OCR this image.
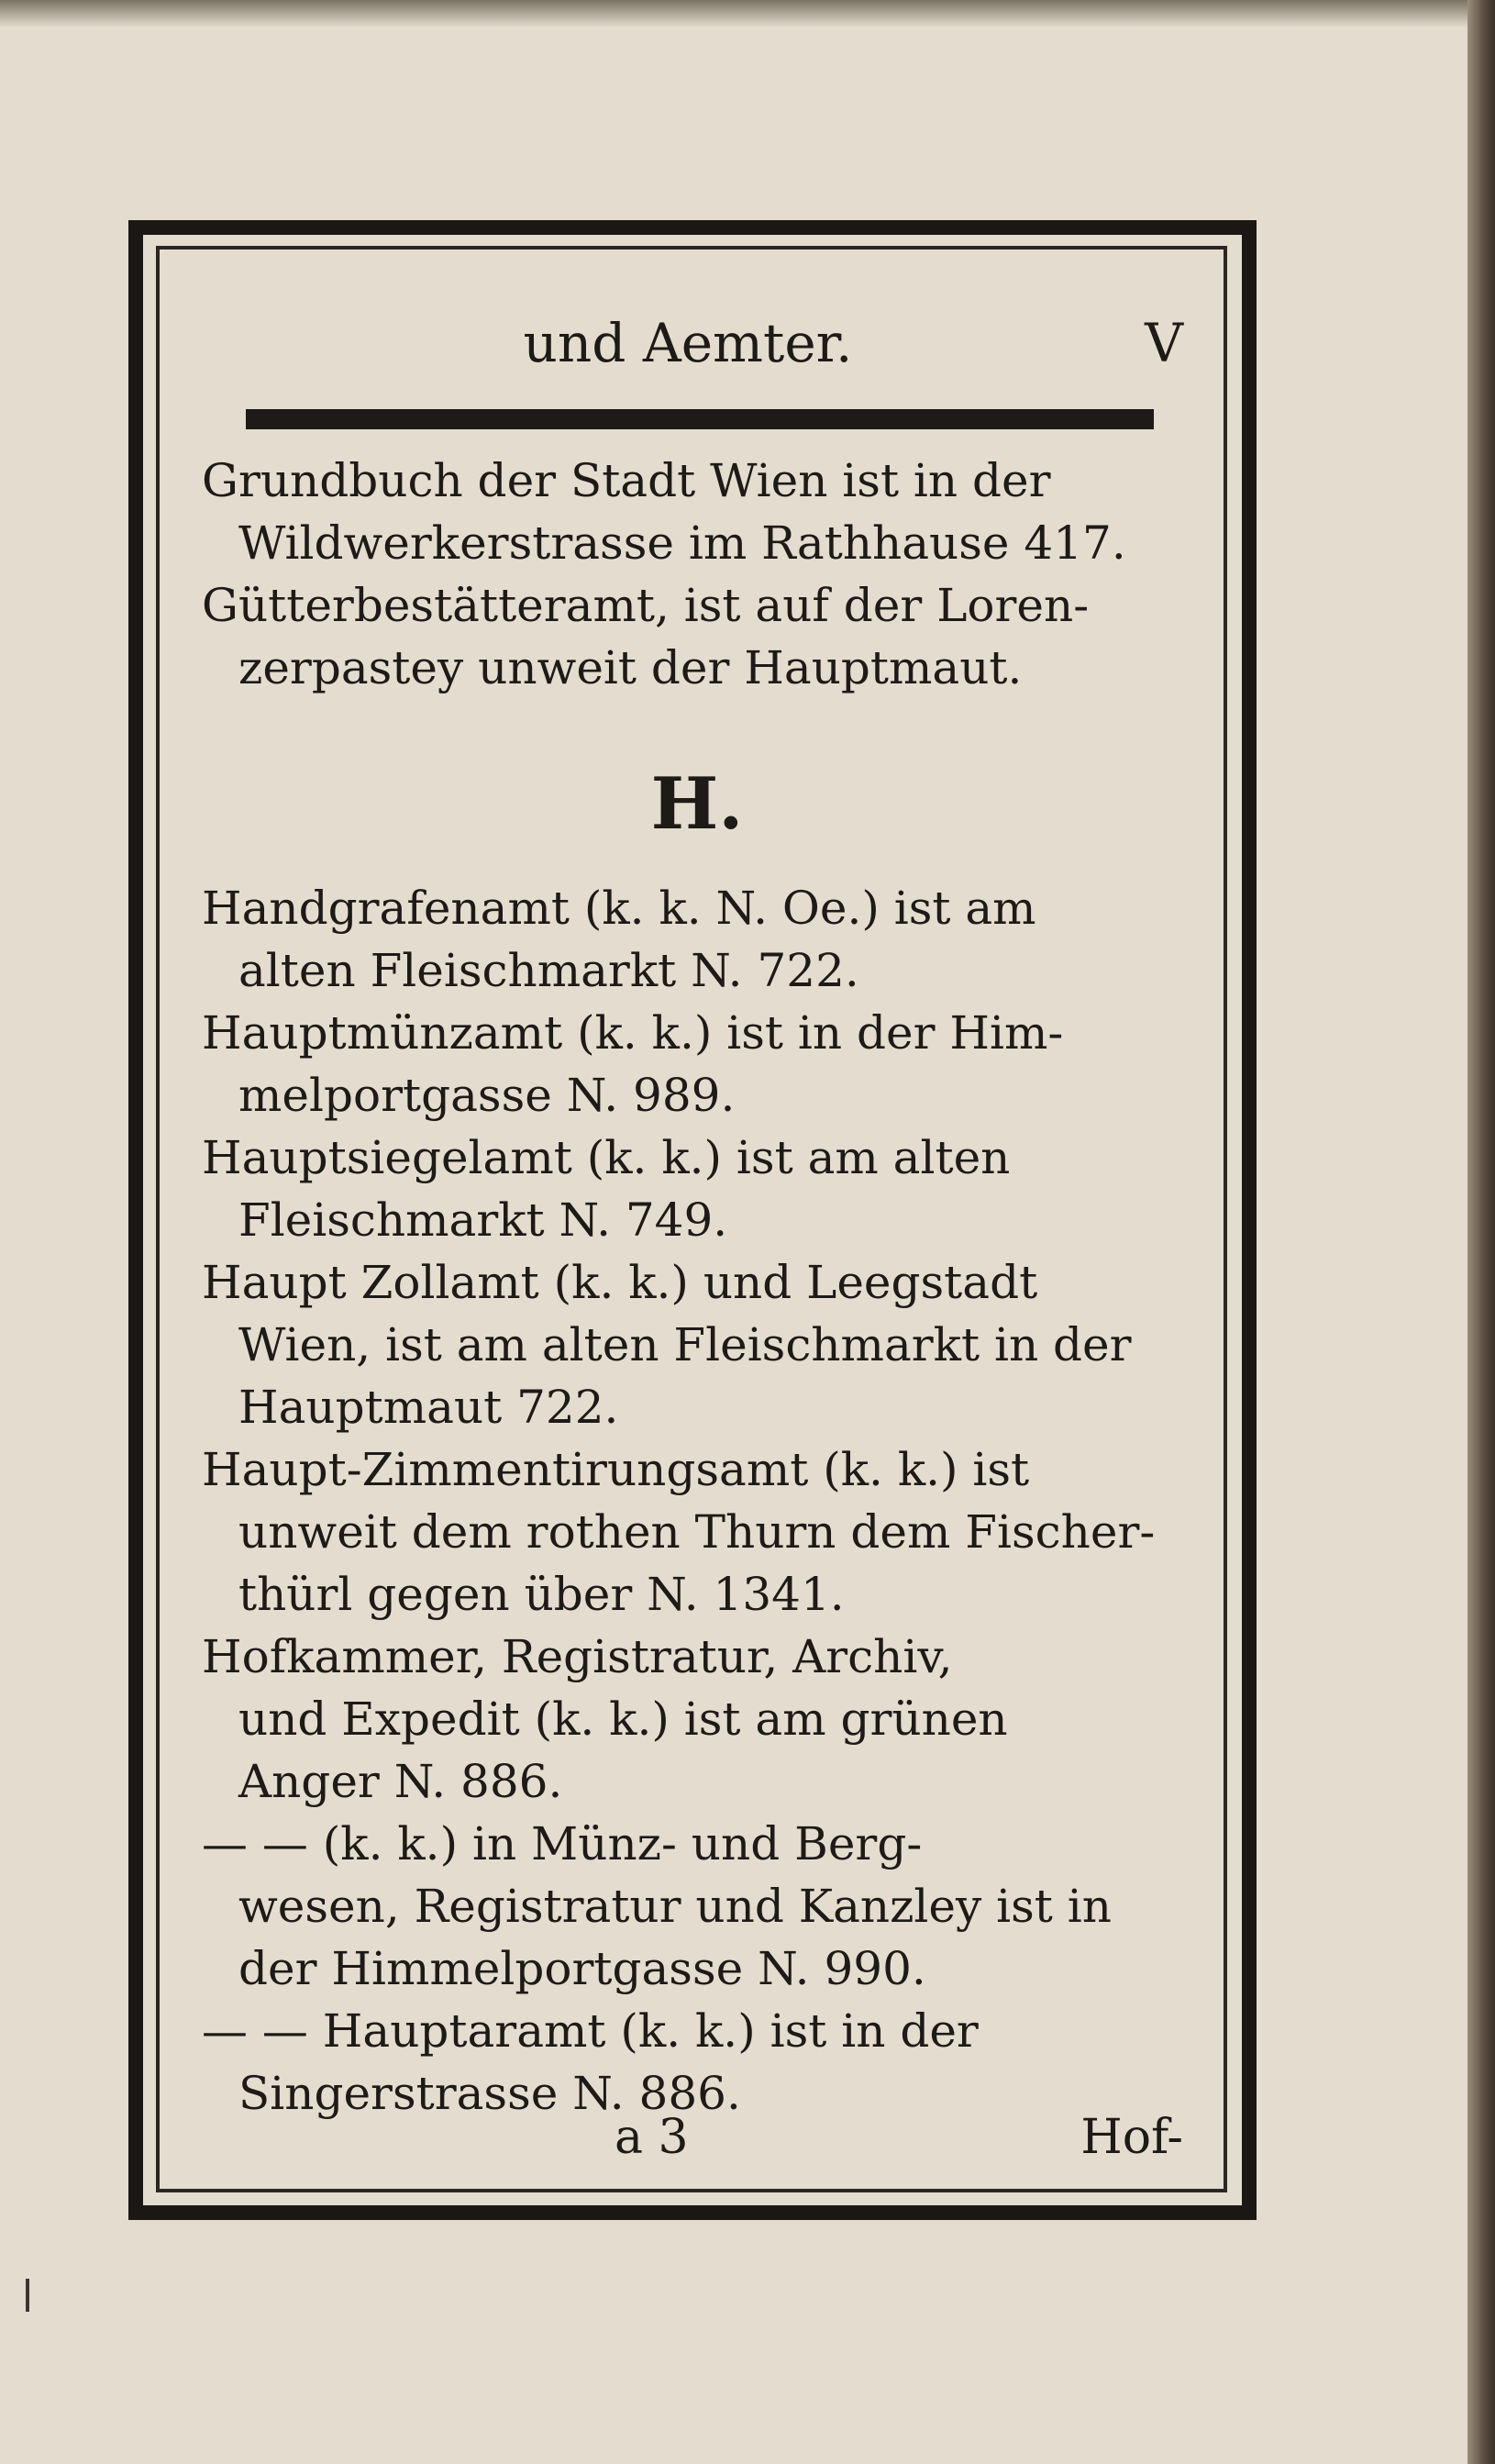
und Aemter.	V
Grundbuch der Stadt Wien ist in der
Wildwerkerstrasse im Rathhause 417.
Gütterbestätteramt, ist auf der Loren-
zerpastey unweit der Hauptmaut.
H.
Handgrafenamt (k. k. N. Oe.) ist am
alten Fleischmarkt N. 722.
Hauptmünzamt (k. k.) ist in der Him-
melportgasse N. 989.
Hauptsiegelamt (k. k.) ist am alten
Fleischmarkt N. 749.
Haupt Zollamt (k. k.) und Leegstadt
Wien, ist am alten Fleischmarkt in der
Hauptmaut 722.
Haupt-Zimmentirungsamt (k. k.) ist
unweit dem rothen Thurn dem Fischer-
thürl gegen über N. 1341.
Hofkammer, Registratur, Archiv,
und Expedit (k. k.) ist am grünen
Anger N. 886.
— — (k. k.) in Münz- und Berg-
wesen, Registratur und Kanzley ist in
der Himmelportgasse N. 990.
— — Hauptaramt (k. k.) ist in der
Singerstrasse N. 886.
a 3	Hof-
